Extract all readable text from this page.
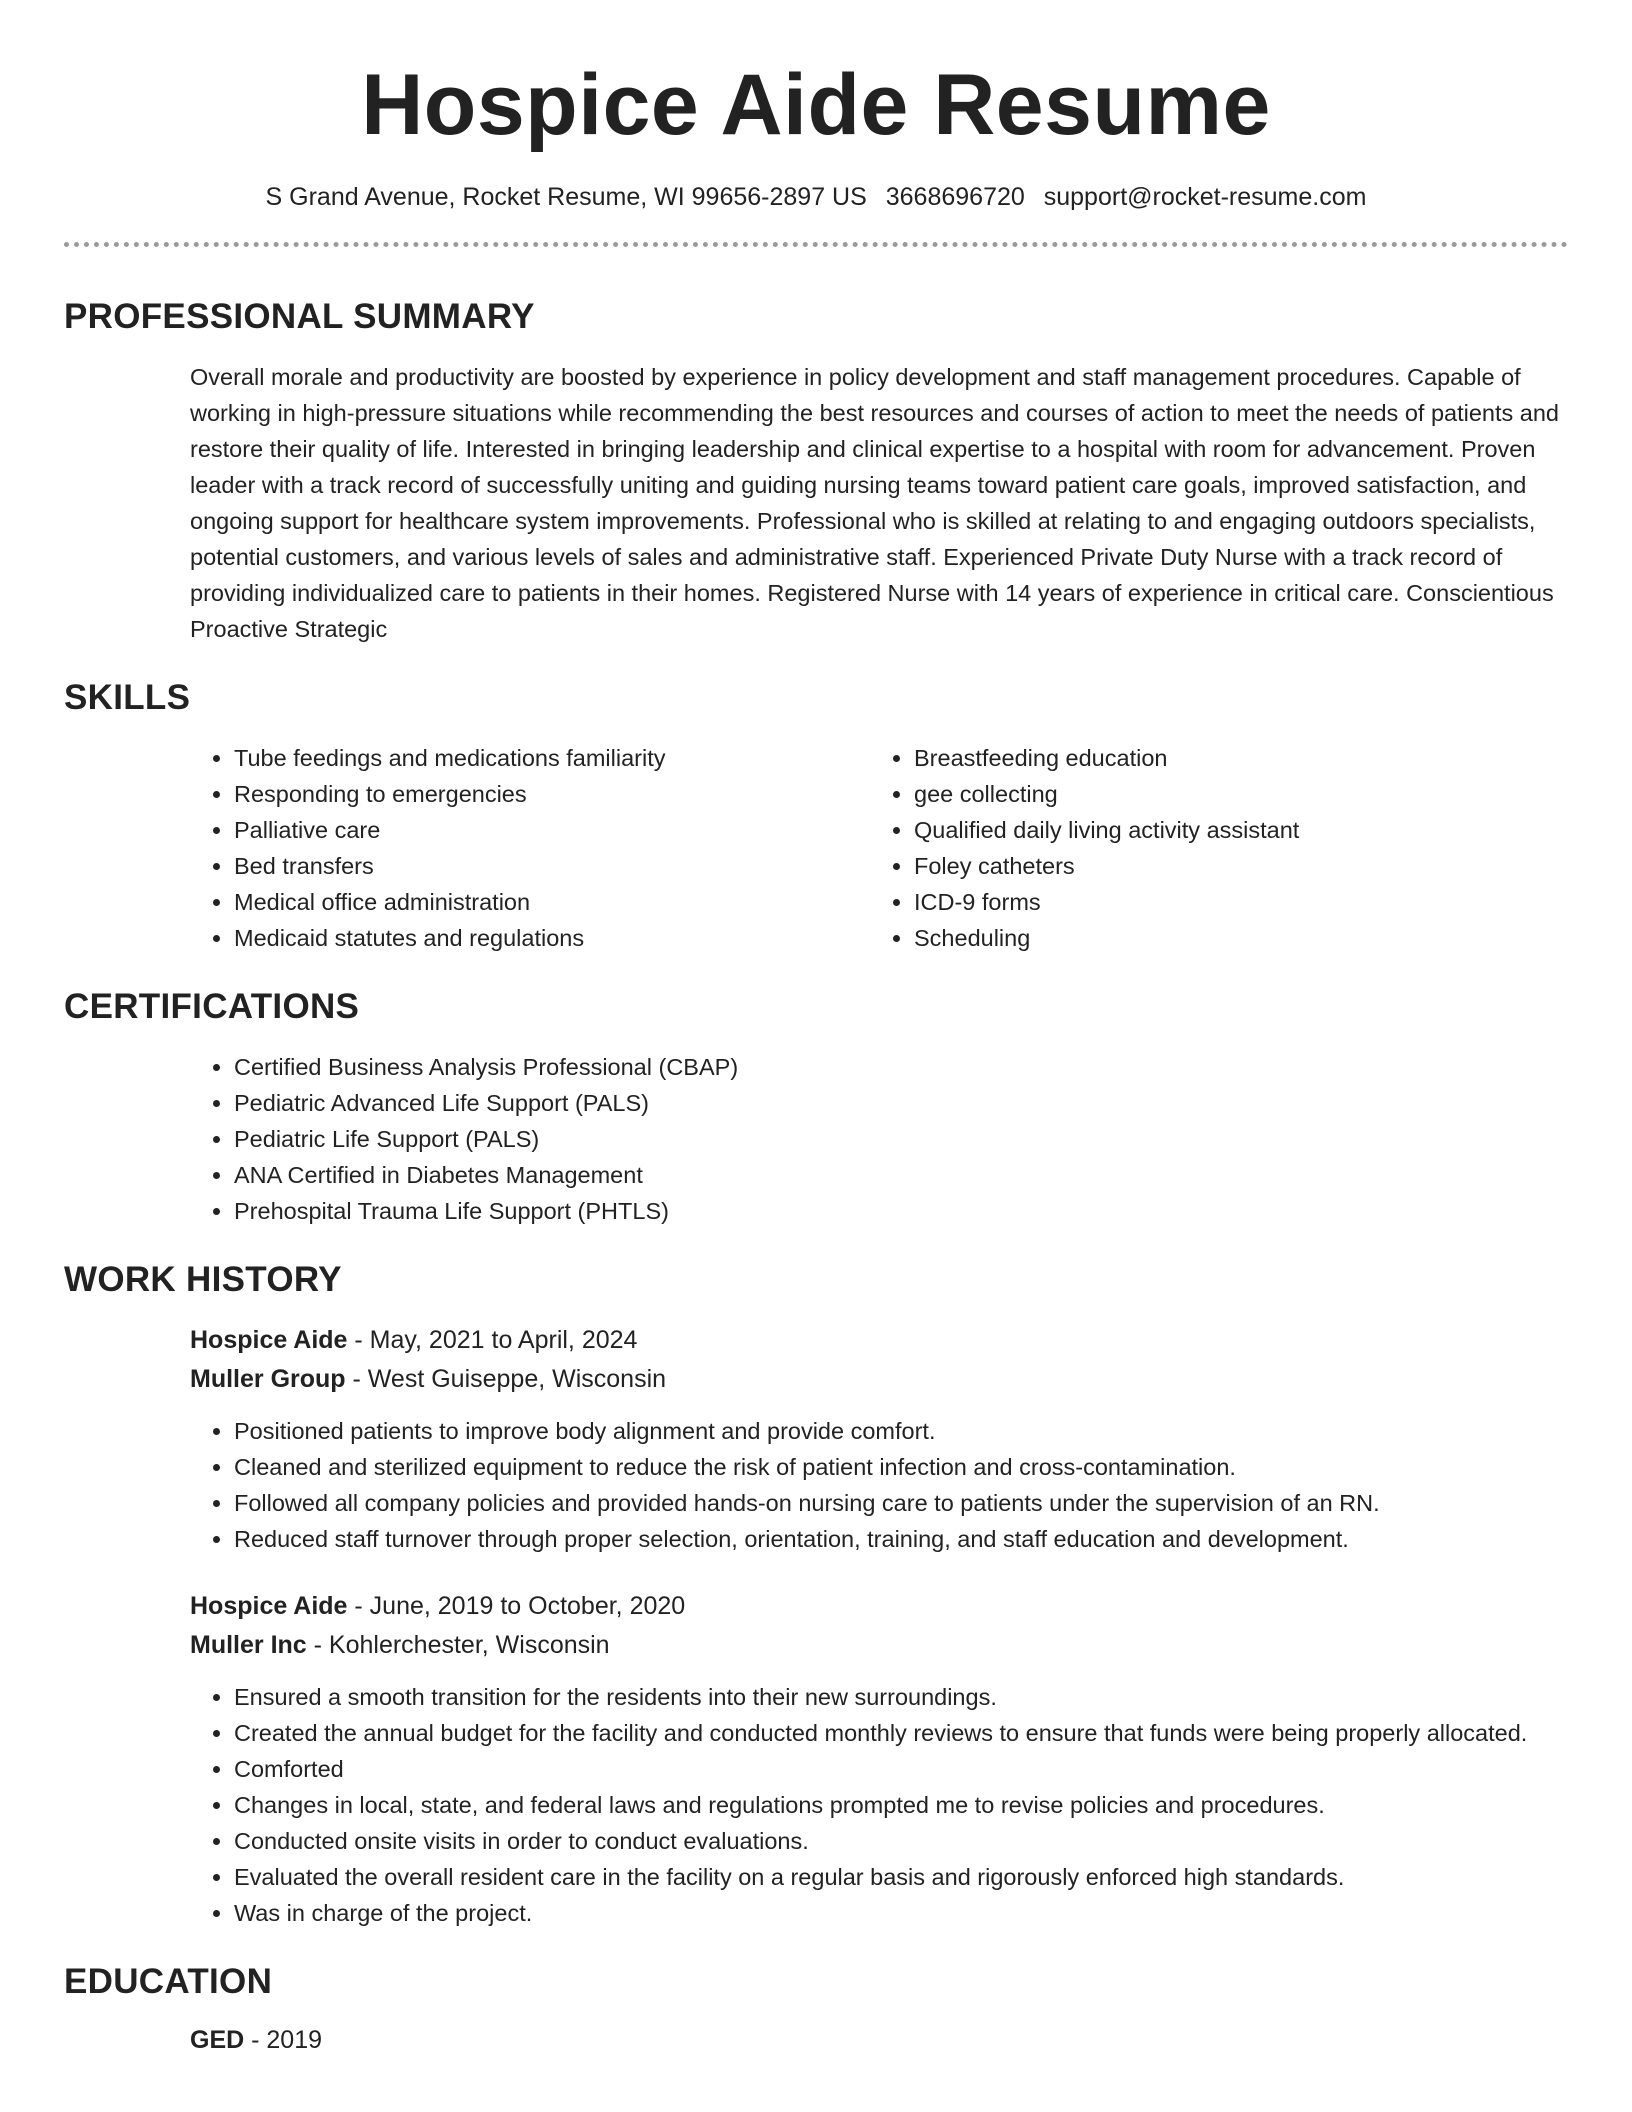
Hospice Aide Resume
S Grand Avenue, Rocket Resume, WI 99656-2897 US 3668696720 support@rocket-resume.com
PROFESSIONAL SUMMARY

Overall morale and productivity are boosted by experience in policy development and staff management procedures. Capable of working in high-pressure situations while recommending the best resources and courses of action to meet the needs of patients and restore their quality of life. Interested in bringing leadership and clinical expertise to a hospital with room for advancement. Proven leader with a track record of successfully uniting and guiding nursing teams toward patient care goals, improved satisfaction, and ongoing support for healthcare system improvements. Professional who is skilled at relating to and engaging outdoors specialists, potential customers, and various levels of sales and administrative staff. Experienced Private Duty Nurse with a track record of providing individualized care to patients in their homes. Registered Nurse with 14 years of experience in critical care. Conscientious Proactive Strategic

SKILLS
• Tube feedings and medications familiarity
• Responding to emergencies
• Palliative care
• Bed transfers
• Medical office administration
• Medicaid statutes and regulations
• Breastfeeding education
• gee collecting
• Qualified daily living activity assistant
• Foley catheters
• ICD-9 forms
• Scheduling
CERTIFICATIONS
• Certified Business Analysis Professional (CBAP)
• Pediatric Advanced Life Support (PALS)
• Pediatric Life Support (PALS)
• ANA Certified in Diabetes Management
• Prehospital Trauma Life Support (PHTLS)
WORK HISTORY
Hospice Aide - May, 2021 to April, 2024
Muller Group - West Guiseppe, Wisconsin
• Positioned patients to improve body alignment and provide comfort.
• Cleaned and sterilized equipment to reduce the risk of patient infection and cross-contamination.
• Followed all company policies and provided hands-on nursing care to patients under the supervision of an RN.
• Reduced staff turnover through proper selection, orientation, training, and staff education and development.
Hospice Aide - June, 2019 to October, 2020
Muller Inc - Kohlerchester, Wisconsin
• Ensured a smooth transition for the residents into their new surroundings.
• Created the annual budget for the facility and conducted monthly reviews to ensure that funds were being properly allocated.
• Comforted
• Changes in local, state, and federal laws and regulations prompted me to revise policies and procedures.
• Conducted onsite visits in order to conduct evaluations.
• Evaluated the overall resident care in the facility on a regular basis and rigorously enforced high standards.
• Was in charge of the project.
EDUCATION
GED - 2019
